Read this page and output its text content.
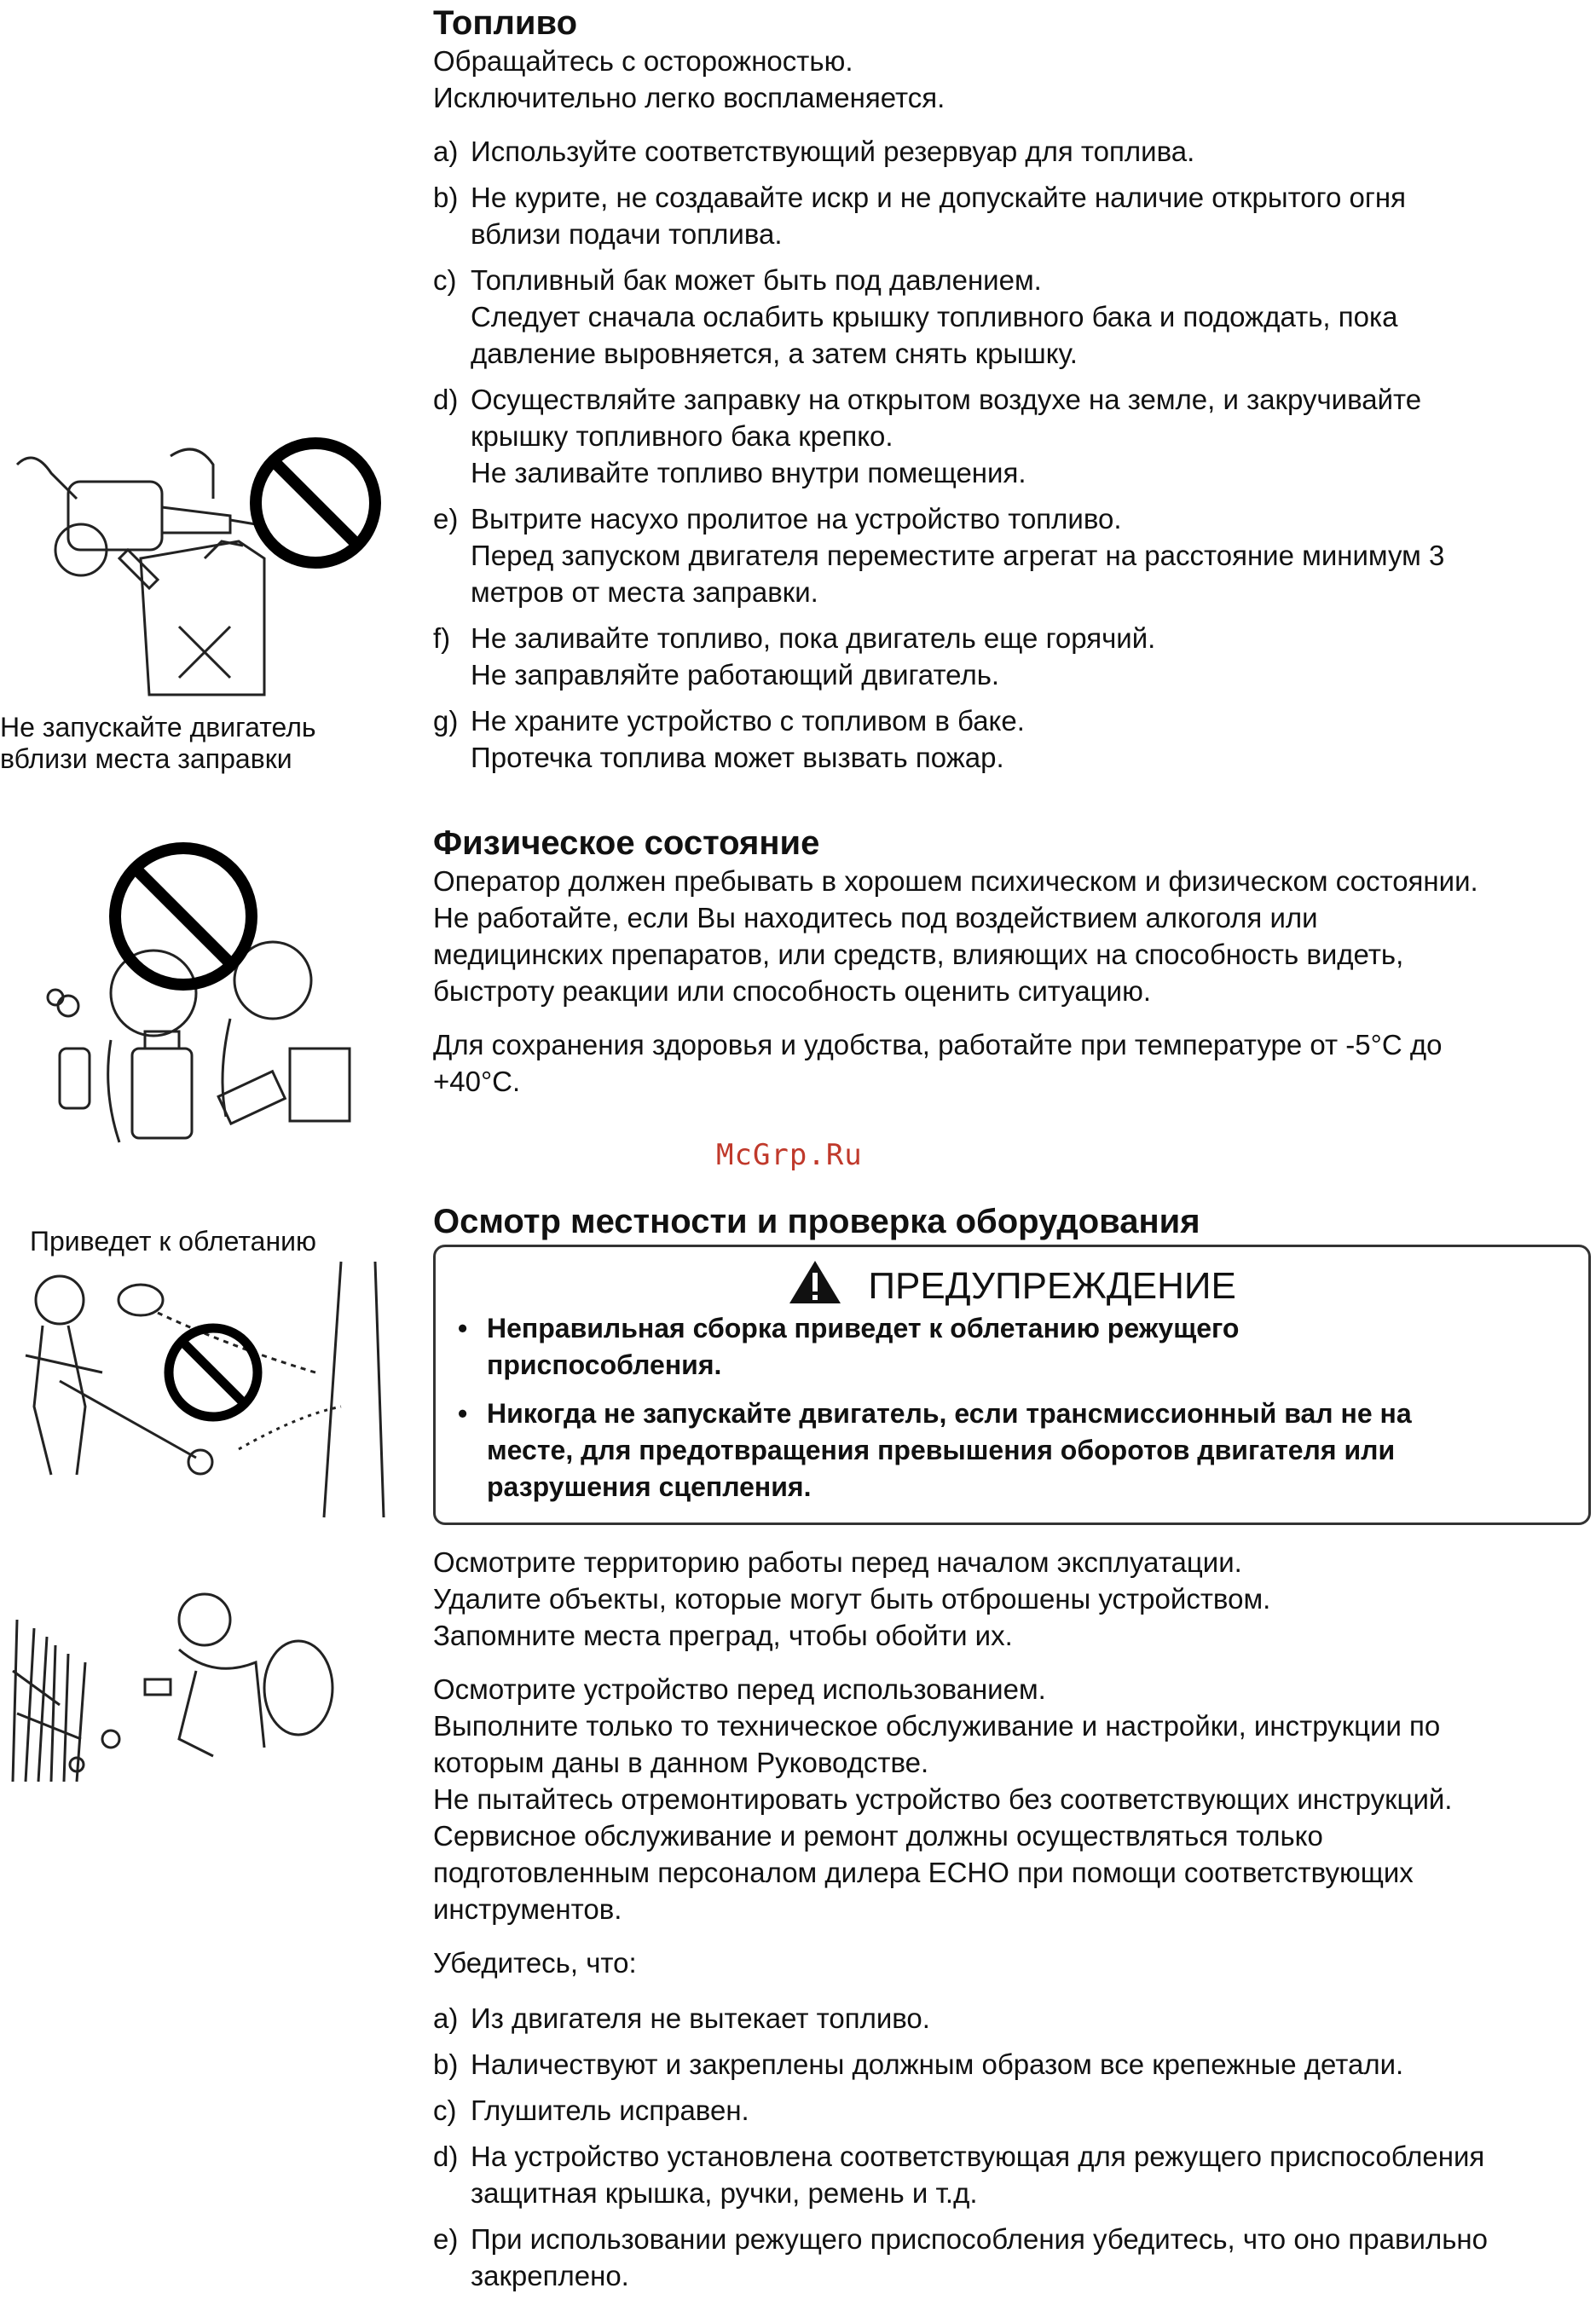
Не запускайте двигатель
вблизи места заправки
Приведет к облетанию
Топливо

Обращайтесь с осторожностью.
Исключительно легко воспламеняется.

a) Используйте соответствующий резервуар для топлива.
b) Не курите, не создавайте искр и не допускайте наличие открытого огня
вблизи подачи топлива.
c) Топливный бак может быть под давлением.
Следует сначала ослабить крышку топливного бака и подождать, пока
давление выровняется, а затем снять крышку.
d) Осуществляйте заправку на открытом воздухе на земле, и закручивайте
крышку топливного бака крепко.
Не заливайте топливо внутри помещения.
e) Вытрите насухо пролитое на устройство топливо.
Перед запуском двигателя переместите агрегат на расстояние минимум 3
метров от места заправки.
f) Не заливайте топливо, пока двигатель еще горячий.
Не заправляйте работающий двигатель.
g) Не храните устройство с топливом в баке.
Протечка топлива может вызвать пожар.
Физическое состояние

Оператор должен пребывать в хорошем психическом и физическом состоянии.
Не работайте, если Вы находитесь под воздействием алкоголя или
медицинских препаратов, или средств, влияющих на способность видеть,
быстроту реакции или способность оценить ситуацию.

Для сохранения здоровья и удобства, работайте при температуре от -5°C до
+40°C.

McGrp.Ru
Осмотр местности и проверка оборудования
ПРЕДУПРЕЖДЕНИЕ
• Неправильная сборка приведет к облетанию режущего
приспособления.
• Никогда не запускайте двигатель, если трансмиссионный вал не на
месте, для предотвращения превышения оборотов двигателя или
разрушения сцепления.

Осмотрите территорию работы перед началом эксплуатации.
Удалите объекты, которые могут быть отброшены устройством.
Запомните места преград, чтобы обойти их.

Осмотрите устройство перед использованием.
Выполните только то техническое обслуживание и настройки, инструкции по
которым даны в данном Руководстве.
Не пытайтесь отремонтировать устройство без соответствующих инструкций.
Сервисное обслуживание и ремонт должны осуществляться только
подготовленным персоналом дилера ECHO при помощи соответствующих
инструментов.

Убедитесь, что:

a) Из двигателя не вытекает топливо.
b) Наличествуют и закреплены должным образом все крепежные детали.
c) Глушитель исправен.
d) На устройство установлена соответствующая для режущего приспособления
защитная крышка, ручки, ремень и т.д.
e) При использовании режущего приспособления убедитесь, что оно правильно
закреплено.
